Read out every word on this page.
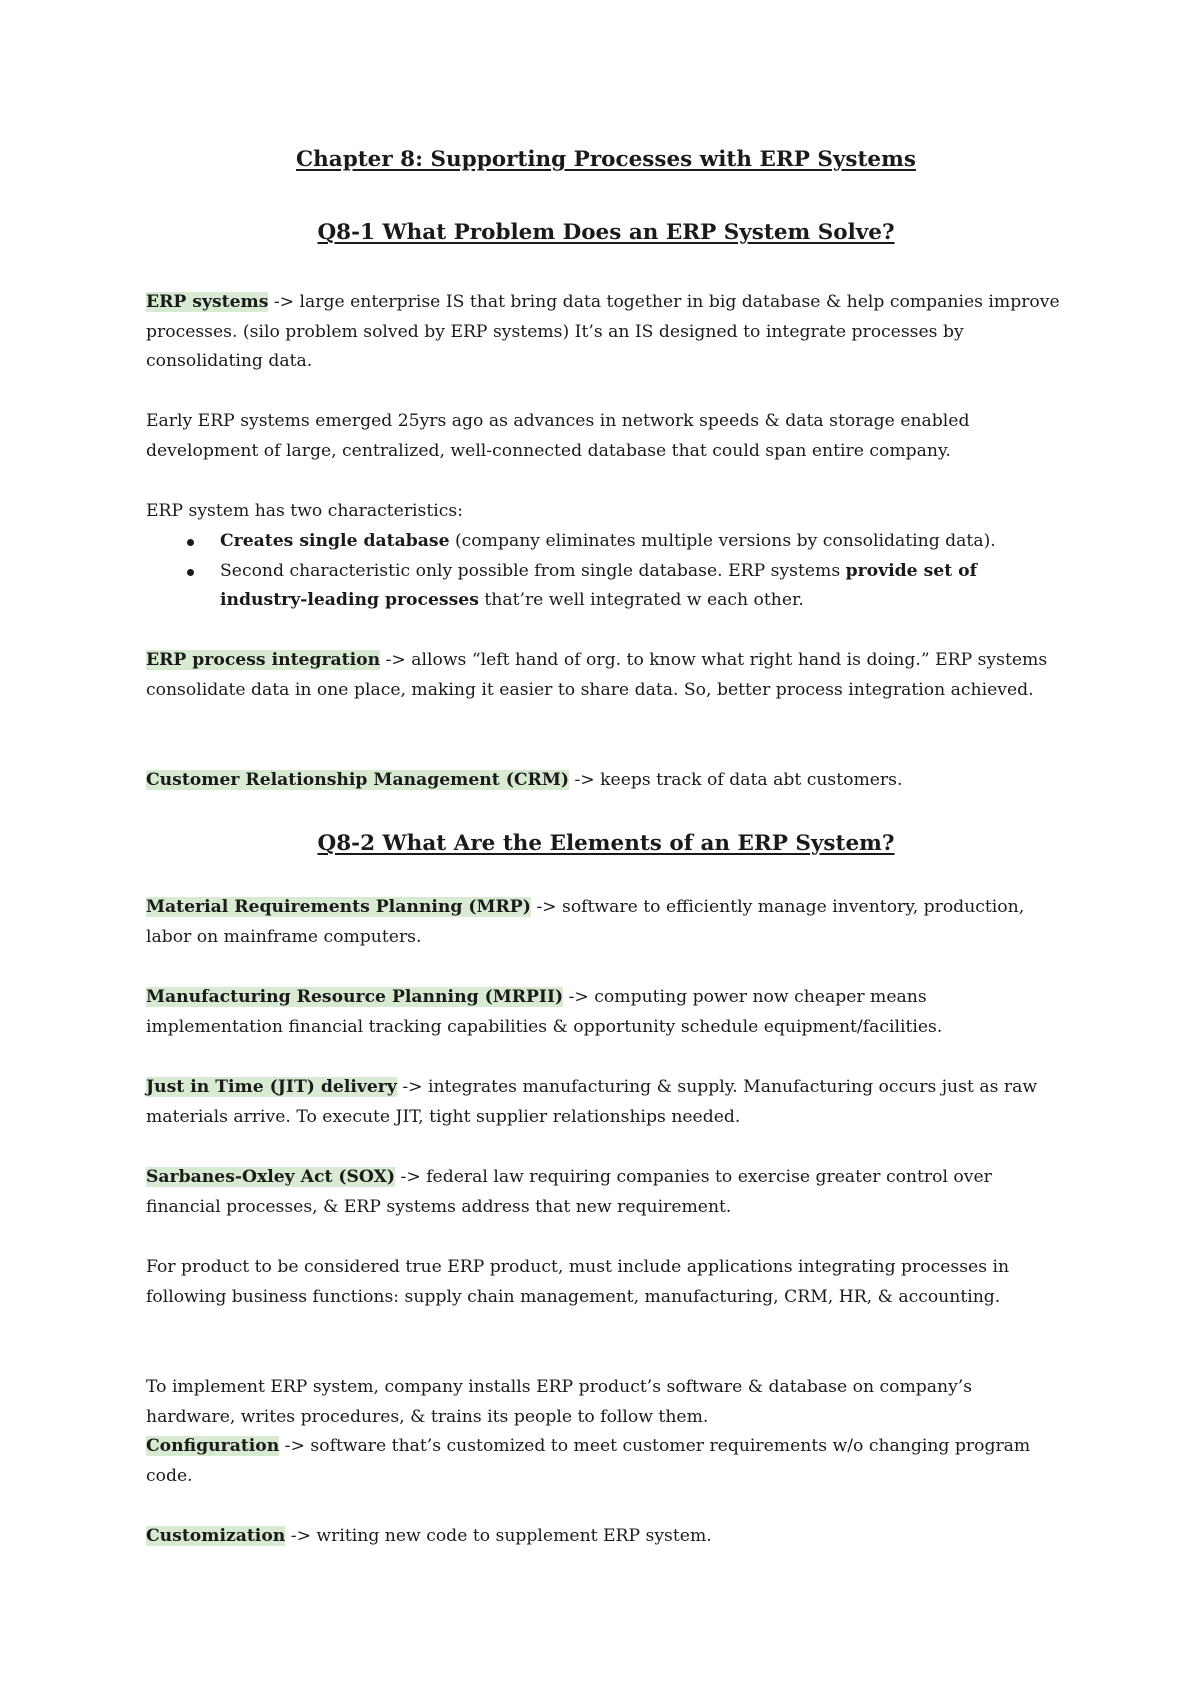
Chapter 8: Supporting Processes with ERP Systems
Q8-1 What Problem Does an ERP System Solve?

ERP systems -> large enterprise IS that bring data together in big database & help companies improve processes. (silo problem solved by ERP systems) It’s an IS designed to integrate processes by consolidating data.

Early ERP systems emerged 25yrs ago as advances in network speeds & data storage enabled development of large, centralized, well-connected database that could span entire company.

ERP system has two characteristics:

Creates single database (company eliminates multiple versions by consolidating data).
Second characteristic only possible from single database. ERP systems provide set of industry-leading processes that’re well integrated w each other.

ERP process integration -> allows “left hand of org. to know what right hand is doing.” ERP systems consolidate data in one place, making it easier to share data. So, better process integration achieved.

Customer Relationship Management (CRM) -> keeps track of data abt customers.

Q8-2 What Are the Elements of an ERP System?

Material Requirements Planning (MRP) -> software to efficiently manage inventory, production, labor on mainframe computers.

Manufacturing Resource Planning (MRPII) -> computing power now cheaper means implementation financial tracking capabilities & opportunity schedule equipment/facilities.

Just in Time (JIT) delivery -> integrates manufacturing & supply. Manufacturing occurs just as raw materials arrive. To execute JIT, tight supplier relationships needed.

Sarbanes-Oxley Act (SOX) -> federal law requiring companies to exercise greater control over financial processes, & ERP systems address that new requirement.

For product to be considered true ERP product, must include applications integrating processes in following business functions: supply chain management, manufacturing, CRM, HR, & accounting.

To implement ERP system, company installs ERP product’s software & database on company’s hardware, writes procedures, & trains its people to follow them.

Configuration -> software that’s customized to meet customer requirements w/o changing program code.

Customization -> writing new code to supplement ERP system.
